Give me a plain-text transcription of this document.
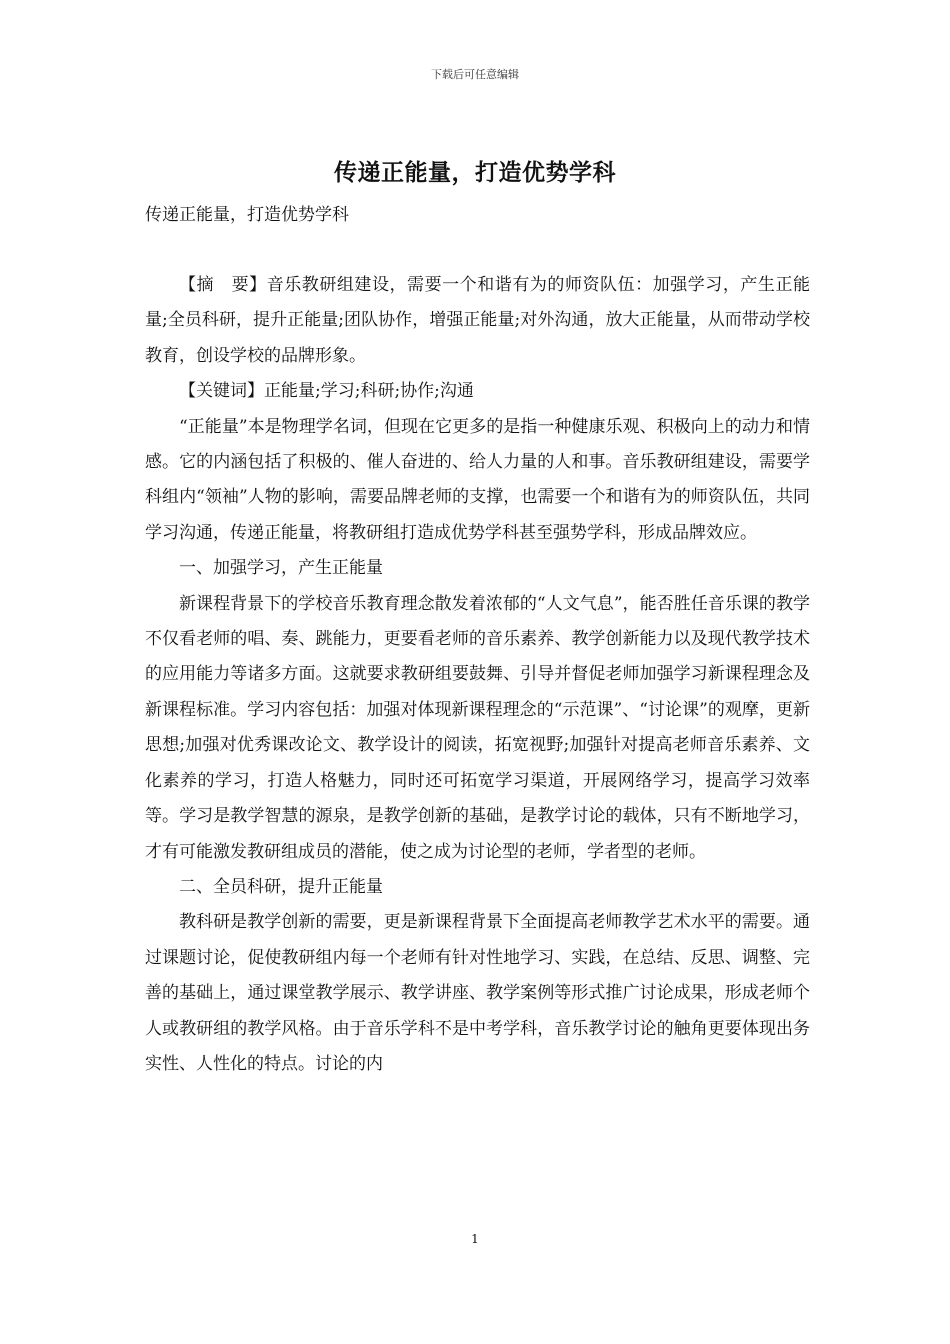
下载后可任意编辑
传递正能量，打造优势学科
传递正能量，打造优势学科

【摘　要】音乐教研组建设，需要一个和谐有为的师资队伍：加强学习，产生正能量;全员科研，提升正能量;团队协作，增强正能量;对外沟通，放大正能量，从而带动学校教育，创设学校的品牌形象。

【关键词】正能量;学习;科研;协作;沟通

“正能量”本是物理学名词，但现在它更多的是指一种健康乐观、积极向上的动力和情感。它的内涵包括了积极的、催人奋进的、给人力量的人和事。音乐教研组建设，需要学科组内“领袖”人物的影响，需要品牌老师的支撑，也需要一个和谐有为的师资队伍，共同学习沟通，传递正能量，将教研组打造成优势学科甚至强势学科，形成品牌效应。

一、加强学习，产生正能量

新课程背景下的学校音乐教育理念散发着浓郁的“人文气息”，能否胜任音乐课的教学不仅看老师的唱、奏、跳能力，更要看老师的音乐素养、教学创新能力以及现代教学技术的应用能力等诸多方面。这就要求教研组要鼓舞、引导并督促老师加强学习新课程理念及新课程标准。学习内容包括：加强对体现新课程理念的“示范课”、“讨论课”的观摩，更新思想;加强对优秀课改论文、教学设计的阅读，拓宽视野;加强针对提高老师音乐素养、文化素养的学习，打造人格魅力，同时还可拓宽学习渠道，开展网络学习，提高学习效率等。学习是教学智慧的源泉，是教学创新的基础，是教学讨论的载体，只有不断地学习，才有可能激发教研组成员的潜能，使之成为讨论型的老师，学者型的老师。

二、全员科研，提升正能量

教科研是教学创新的需要，更是新课程背景下全面提高老师教学艺术水平的需要。通过课题讨论，促使教研组内每一个老师有针对性地学习、实践，在总结、反思、调整、完善的基础上，通过课堂教学展示、教学讲座、教学案例等形式推广讨论成果，形成老师个人或教研组的教学风格。由于音乐学科不是中考学科，音乐教学讨论的触角更要体现出务实性、人性化的特点。讨论的内

1
